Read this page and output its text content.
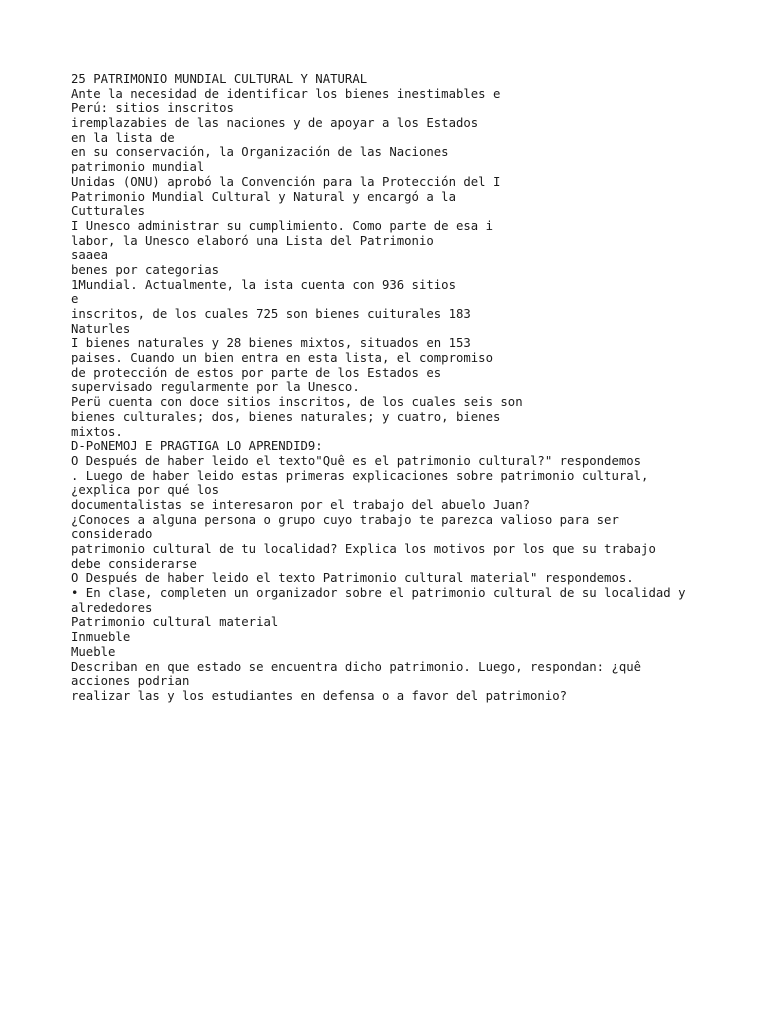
25 PATRIMONIO MUNDIAL CULTURAL Y NATURAL
Ante la necesidad de identificar los bienes inestimables e
Perú: sitios inscritos
iremplazabies de las naciones y de apoyar a los Estados
en la lista de
en su conservación, la Organización de las Naciones
patrimonio mundial
Unidas (ONU) aprobó la Convención para la Protección del I
Patrimonio Mundial Cultural y Natural y encargó a la
Cutturales
I Unesco administrar su cumplimiento. Como parte de esa i
labor, la Unesco elaboró una Lista del Patrimonio
saaea
benes por categorias
1Mundial. Actualmente, la ista cuenta con 936 sitios
e
inscritos, de los cuales 725 son bienes cuiturales 183
Naturles
I bienes naturales y 28 bienes mixtos, situados en 153
paises. Cuando un bien entra en esta lista, el compromiso
de protección de estos por parte de los Estados es
supervisado regularmente por la Unesco.
Perü cuenta con doce sitios inscritos, de los cuales seis son
bienes culturales; dos, bienes naturales; y cuatro, bienes
mixtos.
D-PoNEMOJ E PRAGTIGA LO APRENDID9:
O Después de haber leido el texto"Quê es el patrimonio cultural?" respondemos
. Luego de haber leido estas primeras explicaciones sobre patrimonio cultural,
¿explica por qué los
documentalistas se interesaron por el trabajo del abuelo Juan?
¿Conoces a alguna persona o grupo cuyo trabajo te parezca valioso para ser
considerado
patrimonio cultural de tu localidad? Explica los motivos por los que su trabajo
debe considerarse
O Después de haber leido el texto Patrimonio cultural material" respondemos.
• En clase, completen un organizador sobre el patrimonio cultural de su localidad y
alrededores
Patrimonio cultural material
Inmueble
Mueble
Describan en que estado se encuentra dicho patrimonio. Luego, respondan: ¿quê
acciones podrian
realizar las y los estudiantes en defensa o a favor del patrimonio?
